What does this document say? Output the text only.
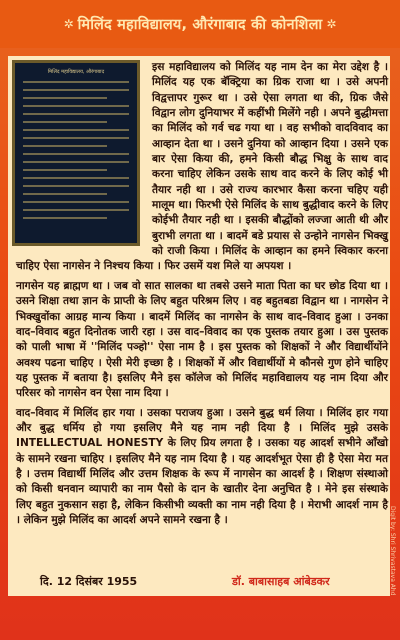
✲ मिलिंद महाविद्यालय, औरंगाबाद की कोनशिला ✲
मिलिंद महाविद्यालय, औरंगाबाद	इस महाविद्यालय को मिलिंद यह नाम देन का मेरा उद्देश है । मिलिंद यह एक बॅक्ट्रिया का ग्रिक राजा था । उसे अपनी विद्वत्तापर गुरूर था । उसे ऐसा लगता था की, ग्रिक जैसे विद्वान लोग दुनियाभर में कहींभी मिलेंगे नही । अपने बुद्धीमत्ता का मिलिंद को गर्व चढ गया था । वह सभीको वादविवाद का आव्हान देता था । उसने दुनिया को आव्हान दिया । उसने एक बार ऐसा किया की, हमने किसी बौद्ध भिक्षु के साथ वाद करना चाहिए लेकिन उसके साथ वाद करने के लिए कोई भी तैयार नही था । उसे राज्य कारभार कैसा करना चहिए यही मालूम था। फिरभी ऐसे मिलिंद के साथ बुद्धीवाद करने के लिए कोईभी तैयार नही था । इसकी बौद्धोंको लज्जा आती थी और बुराभी लगता था । बादमें बडे प्रयास से उन्होने नागसेन भिक्खु को राजी किया । मिलिंद के आव्हान का हमने स्विकार करना चाहिए ऐसा नागसेन ने निश्चय किया । फिर उसमें यश मिले या अपयश ।

नागसेन यह ब्राह्मण था । जब वो सात सालका था तबसे उसने माता पिता का घर छोड दिया था । उसने शिक्षा तथा ज्ञान के प्राप्ती के लिए बहुत परिश्रम लिए । वह बहुतबडा विद्वान था । नागसेन ने भिक्खुवोंका आग्रह मान्य किया । बादमें मिलिंद का नागसेन के साथ वाद–विवाद हुआ । उनका वाद–विवाद बहुत दिनोतक जारी रहा । उस वाद–विवाद का एक पुस्तक तयार हुआ । उस पुस्तक को पाली भाषा में ''मिलिंद पञ्हो'' ऐसा नाम है । इस पुस्तक को शिक्षकों ने और विद्यार्थीयोंने अवश्य पढना चाहिए । ऐसी मेरी इच्छा है । शिक्षकों में और विद्यार्थीयों मे कौनसे गुण होने चाहिए यह पुस्तक में बताया है। इसलिए मैने इस कॉलेज को मिलिंद महाविद्यालय यह नाम दिया और परिसर को नागसेन वन ऐसा नाम दिया ।

वाद–विवाद में मिलिंद हार गया । उसका पराजय हुआ । उसने बुद्ध धर्म लिया । मिलिंद हार गया और बुद्ध धर्मिय हो गया इसलिए मैने यह नाम नही दिया है । मिलिंद मुझे उसके INTELLECTUAL HONESTY के लिए प्रिय लगता है । उसका यह आदर्श सभीने आँखो के सामने रखना चाहिए । इसलिए मैने यह नाम दिया है । यह आदर्शभूत ऐसा ही है ऐसा मेरा मत है । उत्तम विद्यार्थी मिलिंद और उत्तम शिक्षक के रूप में नागसेन का आदर्श है । शिक्षण संस्थाओ को किसी धनवान व्यापारी का नाम पैसो के दान के खातीर देना अनुचित है । मेने इस संस्थाके लिए बहुत नुकसान सहा है, लेकिन किसीभी व्यक्ती का नाम नही दिया है । मेराभी आदर्श नाम है । लेकिन मुझे मिलिंद का आदर्श अपने सामने रखना है ।

दि. 12 दिसंबर 1955	डॉ. बाबासाहब आंबेडकर	Digit by: Shri Shrivastava Ahd
